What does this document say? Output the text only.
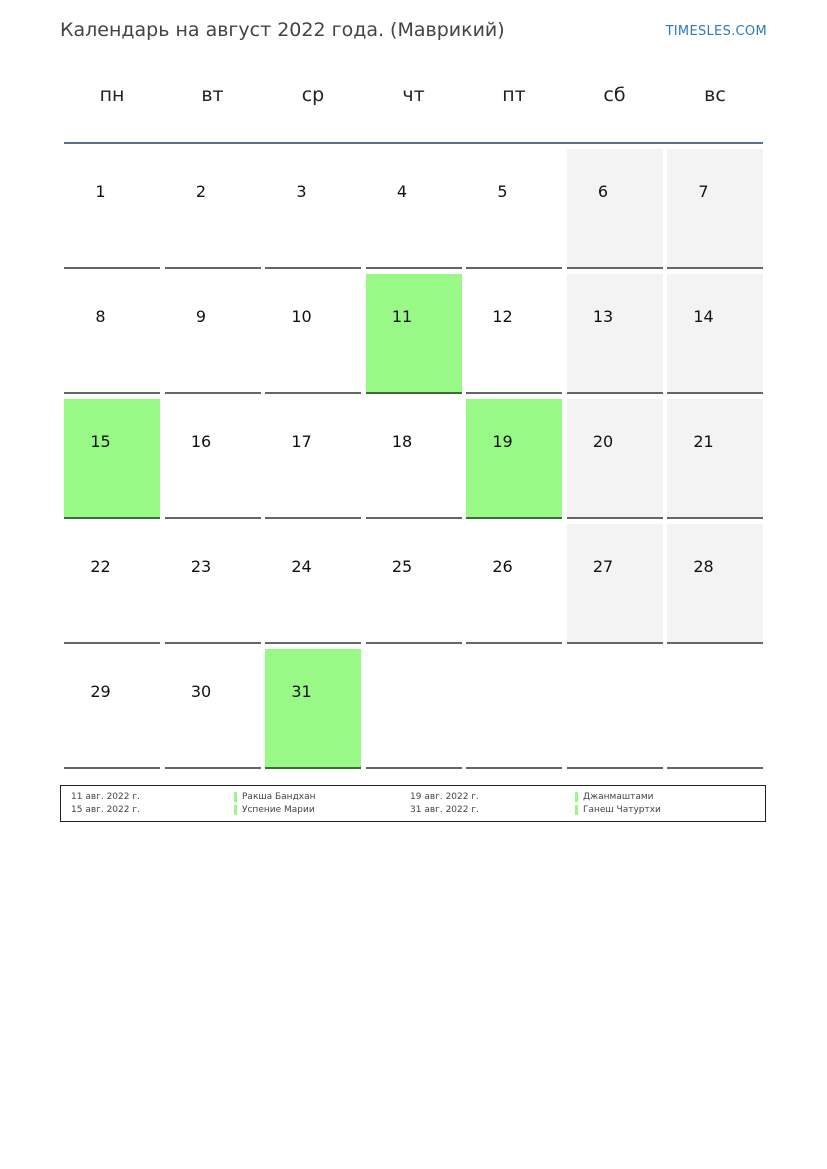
Календарь на август 2022 года. (Маврикий)	TIMESLES.COM
пн	вт	ср	чт	пт	сб	вс
1	2	3	4	5	6	7
8	9	10	11	12	13	14
15	16	17	18	19	20	21
22	23	24	25	26	27	28
29	30	31
11 авг. 2022 г.	Ракша Бандхан
15 авг. 2022 г.	Успение Марии
19 авг. 2022 г.	Джанмаштами
31 авг. 2022 г.	Ганеш Чатуртхи
